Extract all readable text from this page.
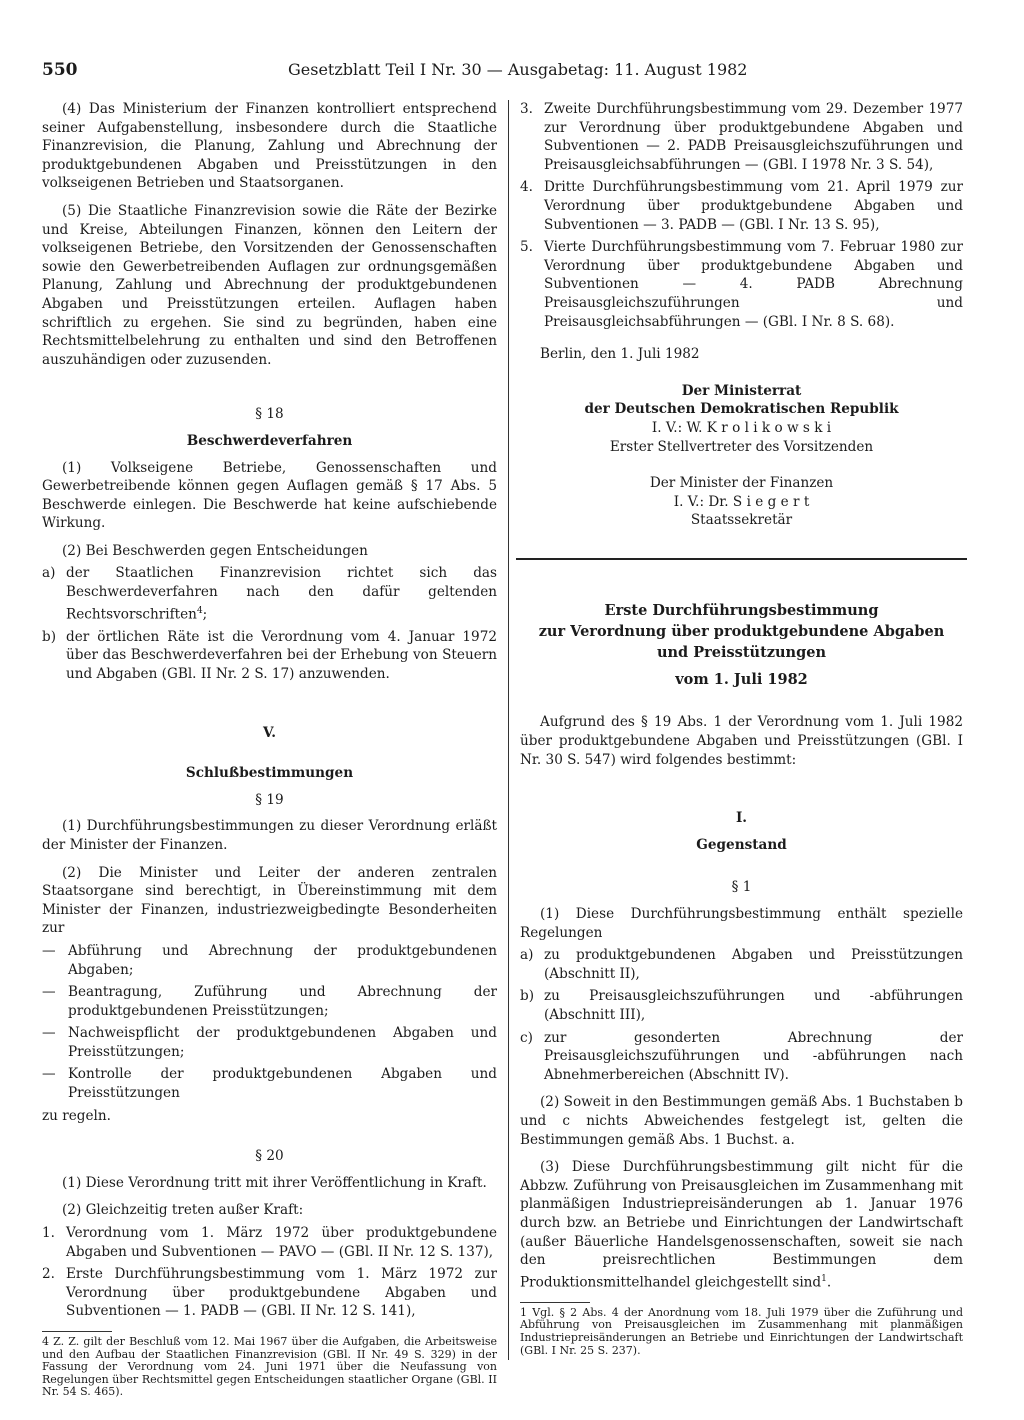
550	Gesetzblatt Teil I Nr. 30 — Ausgabetag: 11. August 1982

(4) Das Ministerium der Finanzen kontrolliert entsprechend seiner Aufgabenstellung, insbesondere durch die Staatliche Finanzrevision, die Planung, Zahlung und Abrechnung der produktgebundenen Abgaben und Preisstützungen in den volkseigenen Betrieben und Staatsorganen.

(5) Die Staatliche Finanzrevision sowie die Räte der Bezirke und Kreise, Abteilungen Finanzen, können den Leitern der volkseigenen Betriebe, den Vorsitzenden der Genossenschaften sowie den Gewerbetreibenden Auflagen zur ordnungsgemäßen Planung, Zahlung und Abrechnung der produktgebundenen Abgaben und Preisstützungen erteilen. Auflagen haben schriftlich zu ergehen. Sie sind zu begründen, haben eine Rechtsmittelbelehrung zu enthalten und sind den Betroffenen auszuhändigen oder zuzusenden.

§ 18

Beschwerdeverfahren

(1) Volkseigene Betriebe, Genossenschaften und Gewerbetreibende können gegen Auflagen gemäß § 17 Abs. 5 Beschwerde einlegen. Die Beschwerde hat keine aufschiebende Wirkung.

(2) Bei Beschwerden gegen Entscheidungen

a) der Staatlichen Finanzrevision richtet sich das Beschwerdeverfahren nach den dafür geltenden Rechtsvorschriften$^4$;
b) der örtlichen Räte ist die Verordnung vom 4. Januar 1972 über das Beschwerdeverfahren bei der Erhebung von Steuern und Abgaben (GBl. II Nr. 2 S. 17) anzuwenden.

V.

Schlußbestimmungen

§ 19

(1) Durchführungsbestimmungen zu dieser Verordnung erläßt der Minister der Finanzen.

(2) Die Minister und Leiter der anderen zentralen Staatsorgane sind berechtigt, in Übereinstimmung mit dem Minister der Finanzen, industriezweigbedingte Besonderheiten zur

— Abführung und Abrechnung der produktgebundenen Abgaben;
— Beantragung, Zuführung und Abrechnung der produktgebundenen Preisstützungen;
— Nachweispflicht der produktgebundenen Abgaben und Preisstützungen;
— Kontrolle der produktgebundenen Abgaben und Preisstützungen

zu regeln.

§ 20

(1) Diese Verordnung tritt mit ihrer Veröffentlichung in Kraft.

(2) Gleichzeitig treten außer Kraft:

1. Verordnung vom 1. März 1972 über produktgebundene Abgaben und Subventionen — PAVO — (GBl. II Nr. 12 S. 137),
2. Erste Durchführungsbestimmung vom 1. März 1972 zur Verordnung über produktgebundene Abgaben und Subventionen — 1. PADB — (GBl. II Nr. 12 S. 141),

4 Z. Z. gilt der Beschluß vom 12. Mai 1967 über die Aufgaben, die Arbeitsweise und den Aufbau der Staatlichen Finanzrevision (GBl. II Nr. 49 S. 329) in der Fassung der Verordnung vom 24. Juni 1971 über die Neufassung von Regelungen über Rechtsmittel gegen Entscheidungen staatlicher Organe (GBl. II Nr. 54 S. 465).

3. Zweite Durchführungsbestimmung vom 29. Dezember 1977 zur Verordnung über produktgebundene Abgaben und Subventionen — 2. PADB Preisausgleichszuführungen und Preisausgleichsabführungen — (GBl. I 1978 Nr. 3 S. 54),
4. Dritte Durchführungsbestimmung vom 21. April 1979 zur Verordnung über produktgebundene Abgaben und Subventionen — 3. PADB — (GBl. I Nr. 13 S. 95),
5. Vierte Durchführungsbestimmung vom 7. Februar 1980 zur Verordnung über produktgebundene Abgaben und Subventionen — 4. PADB Abrechnung Preisausgleichszuführungen und Preisausgleichsabführungen — (GBl. I Nr. 8 S. 68).

Berlin, den 1. Juli 1982

Der Ministerrat

der Deutschen Demokratischen Republik

I. V.: W. K r o l i k o w s k i

Erster Stellvertreter des Vorsitzenden

Der Minister der Finanzen

I. V.: Dr. S i e g e r t

Staatssekretär

Erste Durchführungsbestimmung

zur Verordnung über produktgebundene Abgaben

und Preisstützungen

vom 1. Juli 1982

Aufgrund des § 19 Abs. 1 der Verordnung vom 1. Juli 1982 über produktgebundene Abgaben und Preisstützungen (GBl. I Nr. 30 S. 547) wird folgendes bestimmt:

I.

Gegenstand

§ 1

(1) Diese Durchführungsbestimmung enthält spezielle Regelungen

a) zu produktgebundenen Abgaben und Preisstützungen (Abschnitt II),
b) zu Preisausgleichszuführungen und -abführungen (Abschnitt III),
c) zur gesonderten Abrechnung der Preisausgleichszuführungen und -abführungen nach Abnehmerbereichen (Abschnitt IV).

(2) Soweit in den Bestimmungen gemäß Abs. 1 Buchstaben b und c nichts Abweichendes festgelegt ist, gelten die Bestimmungen gemäß Abs. 1 Buchst. a.

(3) Diese Durchführungsbestimmung gilt nicht für die Abbzw. Zuführung von Preisausgleichen im Zusammenhang mit planmäßigen Industriepreisänderungen ab 1. Januar 1976 durch bzw. an Betriebe und Einrichtungen der Landwirtschaft (außer Bäuerliche Handelsgenossenschaften, soweit sie nach den preisrechtlichen Bestimmungen dem Produktionsmittelhandel gleichgestellt sind$^1$.

1 Vgl. § 2 Abs. 4 der Anordnung vom 18. Juli 1979 über die Zuführung und Abführung von Preisausgleichen im Zusammenhang mit planmäßigen Industriepreisänderungen an Betriebe und Einrichtungen der Landwirtschaft (GBl. I Nr. 25 S. 237).
